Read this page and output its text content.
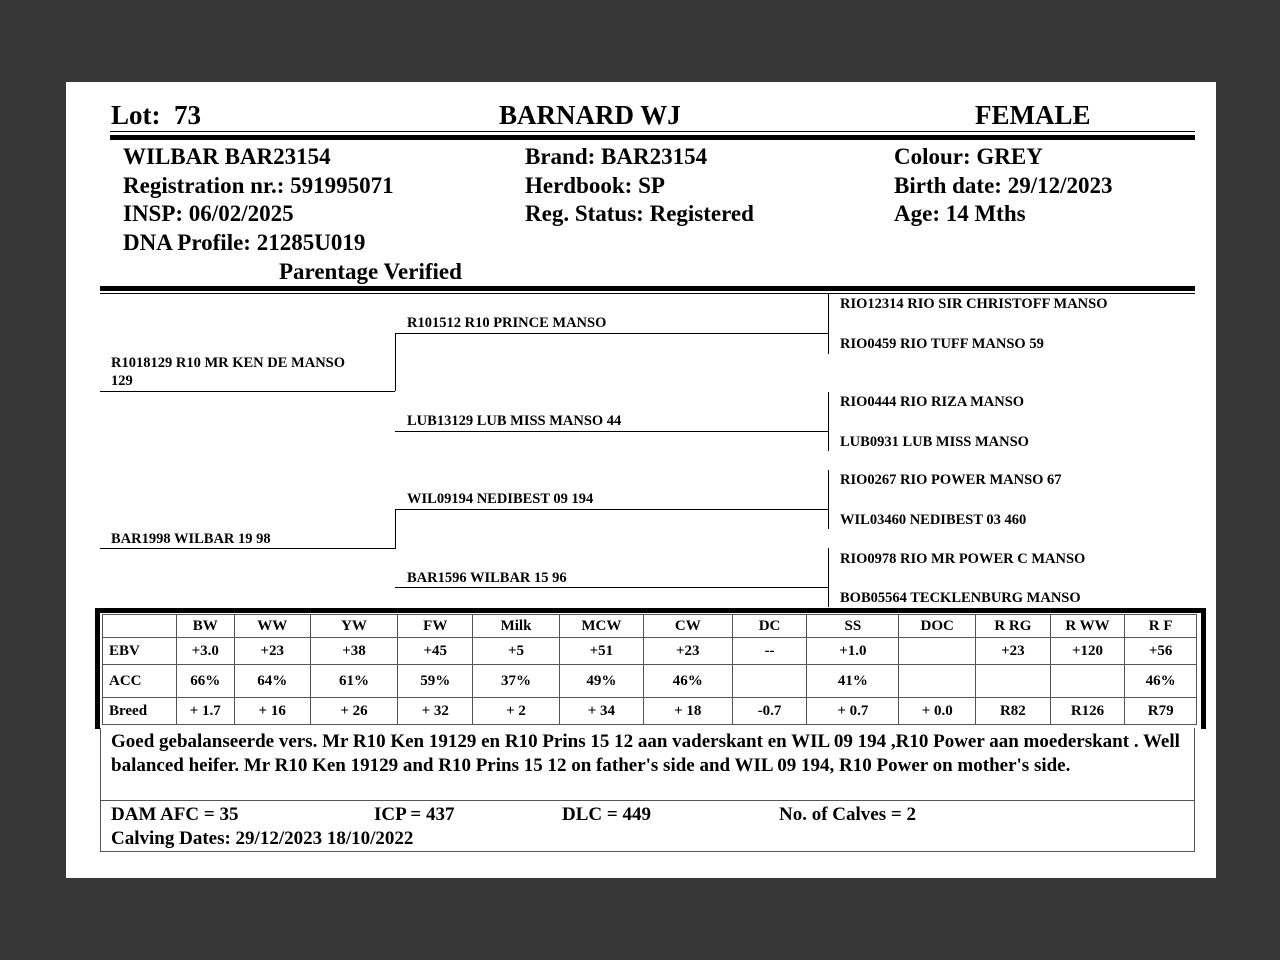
Lot: 73	BARNARD WJ	FEMALE
WILBAR BAR23154
Registration nr.: 591995071
INSP: 06/02/2025
DNA Profile: 21285U019
Parentage Verified
Brand: BAR23154
Herdbook: SP
Reg. Status: Registered
Colour: GREY
Birth date: 29/12/2023
Age: 14 Mths
R1018129 R10 MR KEN DE MANSO
129
BAR1998 WILBAR 19 98
R101512 R10 PRINCE MANSO
LUB13129 LUB MISS MANSO 44
WIL09194 NEDIBEST 09 194
BAR1596 WILBAR 15 96
RIO12314 RIO SIR CHRISTOFF MANSO
RIO0459 RIO TUFF MANSO 59
RIO0444 RIO RIZA MANSO
LUB0931 LUB MISS MANSO
RIO0267 RIO POWER MANSO 67
WIL03460 NEDIBEST 03 460
RIO0978 RIO MR POWER C MANSO
BOB05564 TECKLENBURG MANSO
	BW	WW	YW	FW	Milk	MCW	CW	DC	SS	DOC	R RG	R WW	R F
EBV	+3.0	+23	+38	+45	+5	+51	+23	--	+1.0		+23	+120	+56
ACC	66%	64%	61%	59%	37%	49%	46%		41%				46%
Breed	+ 1.7	+ 16	+ 26	+ 32	+ 2	+ 34	+ 18	-0.7	+ 0.7	+ 0.0	R82	R126	R79
Goed gebalanseerde vers. Mr R10 Ken 19129 en R10 Prins 15 12 aan vaderskant en WIL 09 194 ,R10 Power aan moederskant . Well balanced heifer. Mr R10 Ken 19129 and R10 Prins 15 12 on father's side and WIL 09 194, R10 Power on mother's side.
DAM AFC = 35	ICP = 437	DLC = 449	No. of Calves = 2
Calving Dates: 29/12/2023 18/10/2022
